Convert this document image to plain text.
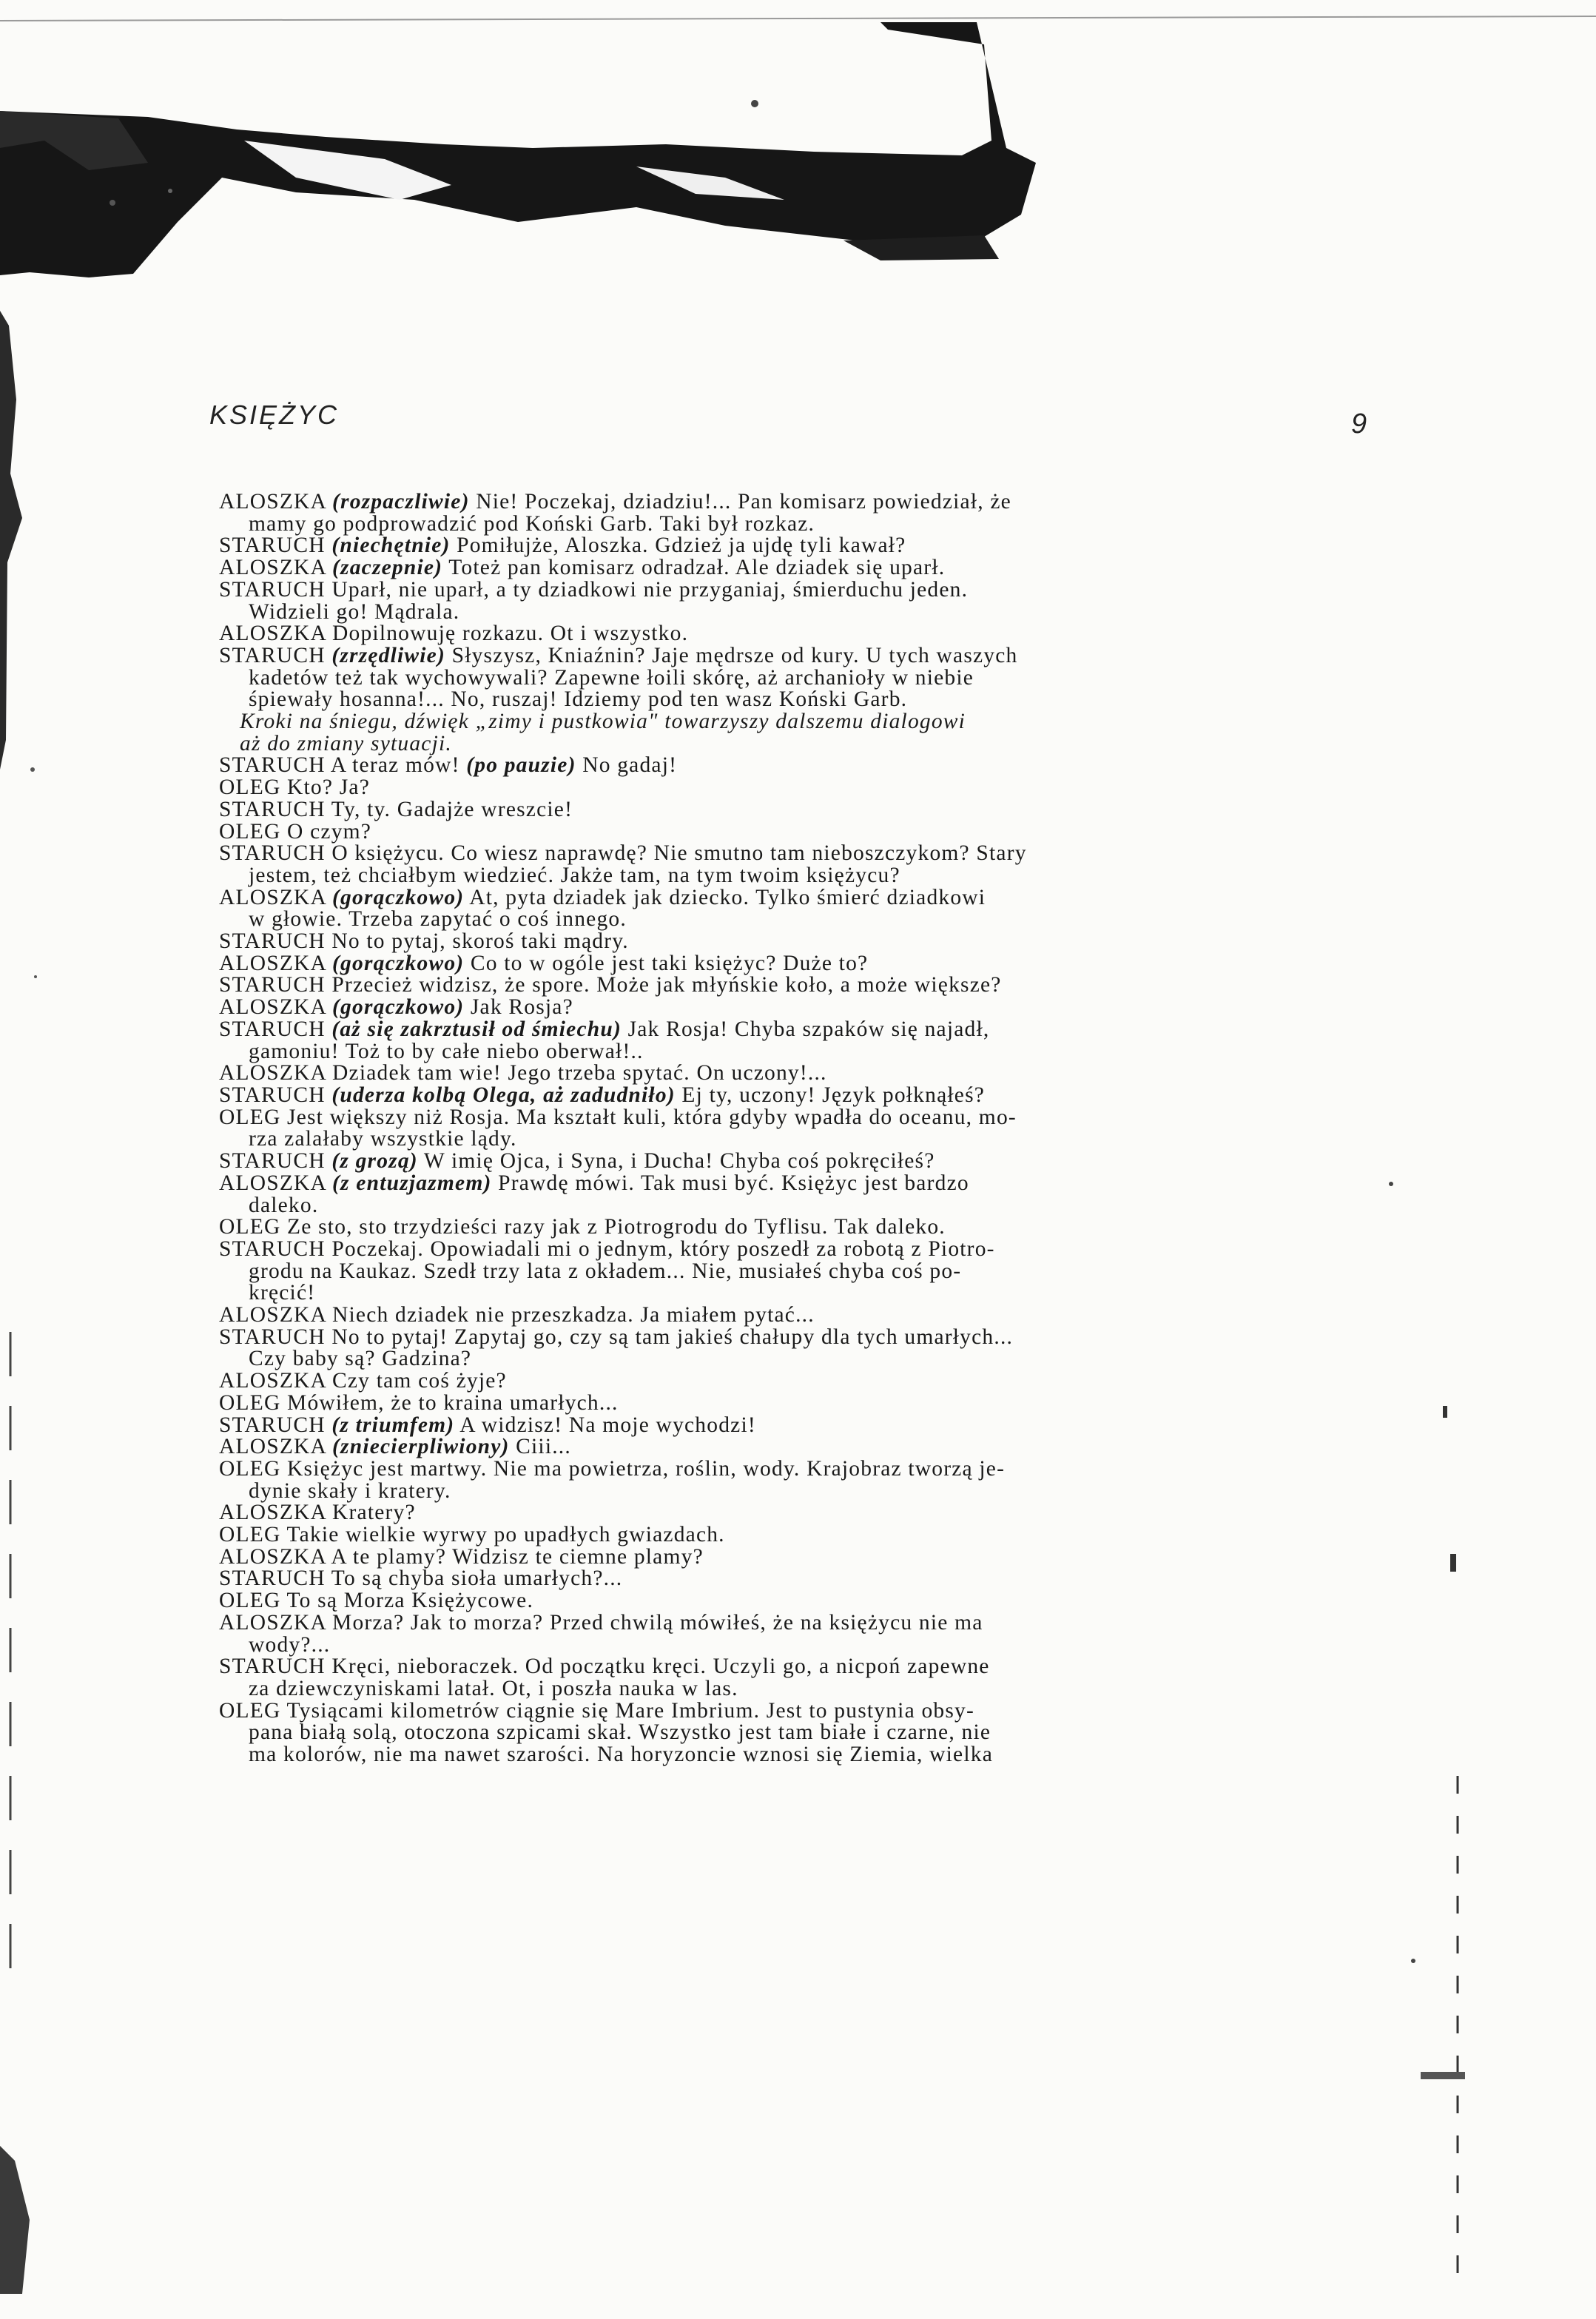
KSIĘŻYC	9
ALOSZKA (rozpaczliwie) Nie! Poczekaj, dziadziu!... Pan komisarz powiedział, że
mamy go podprowadzić pod Koński Garb. Taki był rozkaz.
STARUCH (niechętnie) Pomiłujże, Aloszka. Gdzież ja ujdę tyli kawał?
ALOSZKA (zaczepnie) Toteż pan komisarz odradzał. Ale dziadek się uparł.
STARUCH Uparł, nie uparł, a ty dziadkowi nie przyganiaj, śmierduchu jeden.
Widzieli go! Mądrala.
ALOSZKA Dopilnowuję rozkazu. Ot i wszystko.
STARUCH (zrzędliwie) Słyszysz, Kniaźnin? Jaje mędrsze od kury. U tych waszych
kadetów też tak wychowywali? Zapewne łoili skórę, aż archanioły w niebie
śpiewały hosanna!... No, ruszaj! Idziemy pod ten wasz Koński Garb.
Kroki na śniegu, dźwięk „zimy i pustkowia" towarzyszy dalszemu dialogowi
aż do zmiany sytuacji.
STARUCH A teraz mów! (po pauzie) No gadaj!
OLEG Kto? Ja?
STARUCH Ty, ty. Gadajże wreszcie!
OLEG O czym?
STARUCH O księżycu. Co wiesz naprawdę? Nie smutno tam nieboszczykom? Stary
jestem, też chciałbym wiedzieć. Jakże tam, na tym twoim księżycu?
ALOSZKA (gorączkowo) At, pyta dziadek jak dziecko. Tylko śmierć dziadkowi
w głowie. Trzeba zapytać o coś innego.
STARUCH No to pytaj, skoroś taki mądry.
ALOSZKA (gorączkowo) Co to w ogóle jest taki księżyc? Duże to?
STARUCH Przecież widzisz, że spore. Może jak młyńskie koło, a może większe?
ALOSZKA (gorączkowo) Jak Rosja?
STARUCH (aż się zakrztusił od śmiechu) Jak Rosja! Chyba szpaków się najadł,
gamoniu! Toż to by całe niebo oberwał!..
ALOSZKA Dziadek tam wie! Jego trzeba spytać. On uczony!...
STARUCH (uderza kolbą Olega, aż zadudniło) Ej ty, uczony! Język połknąłeś?
OLEG Jest większy niż Rosja. Ma kształt kuli, która gdyby wpadła do oceanu, mo-
rza zalałaby wszystkie lądy.
STARUCH (z grozą) W imię Ojca, i Syna, i Ducha! Chyba coś pokręciłeś?
ALOSZKA (z entuzjazmem) Prawdę mówi. Tak musi być. Księżyc jest bardzo
daleko.
OLEG Ze sto, sto trzydzieści razy jak z Piotrogrodu do Tyflisu. Tak daleko.
STARUCH Poczekaj. Opowiadali mi o jednym, który poszedł za robotą z Piotro-
grodu na Kaukaz. Szedł trzy lata z okładem... Nie, musiałeś chyba coś po-
kręcić!
ALOSZKA Niech dziadek nie przeszkadza. Ja miałem pytać...
STARUCH No to pytaj! Zapytaj go, czy są tam jakieś chałupy dla tych umarłych...
Czy baby są? Gadzina?
ALOSZKA Czy tam coś żyje?
OLEG Mówiłem, że to kraina umarłych...
STARUCH (z triumfem) A widzisz! Na moje wychodzi!
ALOSZKA (zniecierpliwiony) Ciii...
OLEG Księżyc jest martwy. Nie ma powietrza, roślin, wody. Krajobraz tworzą je-
dynie skały i kratery.
ALOSZKA Kratery?
OLEG Takie wielkie wyrwy po upadłych gwiazdach.
ALOSZKA A te plamy? Widzisz te ciemne plamy?
STARUCH To są chyba sioła umarłych?...
OLEG To są Morza Księżycowe.
ALOSZKA Morza? Jak to morza? Przed chwilą mówiłeś, że na księżycu nie ma
wody?...
STARUCH Kręci, nieboraczek. Od początku kręci. Uczyli go, a nicpoń zapewne
za dziewczyniskami latał. Ot, i poszła nauka w las.
OLEG Tysiącami kilometrów ciągnie się Mare Imbrium. Jest to pustynia obsy-
pana białą solą, otoczona szpicami skał. Wszystko jest tam białe i czarne, nie
ma kolorów, nie ma nawet szarości. Na horyzoncie wznosi się Ziemia, wielka
